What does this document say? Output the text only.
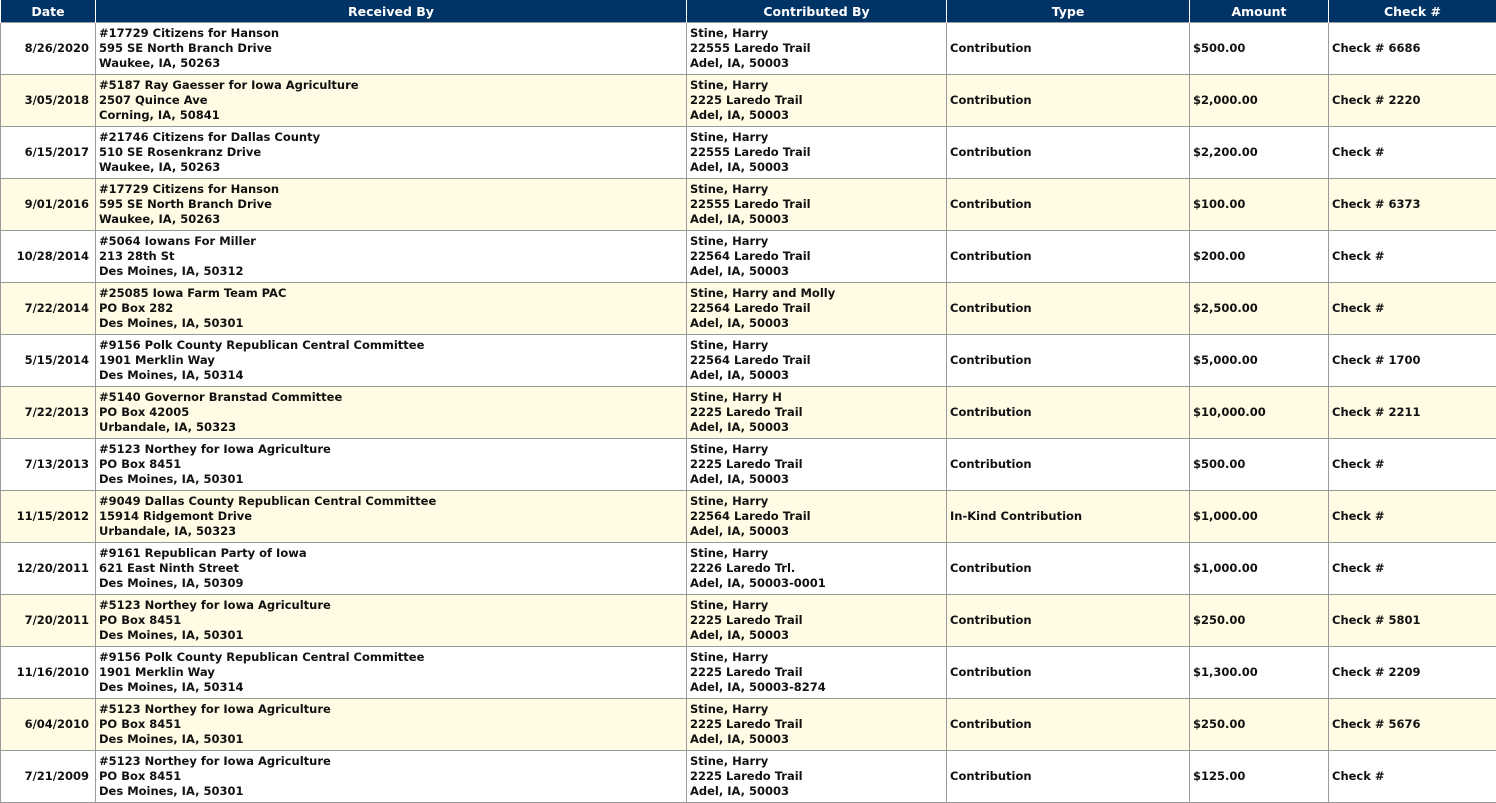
Date	Received By	Contributed By	Type	Amount	Check #
8/26/2020	#17729 Citizens for Hanson
595 SE North Branch Drive
Waukee, IA, 50263	Stine, Harry
22555 Laredo Trail
Adel, IA, 50003	Contribution	$500.00	Check # 6686
3/05/2018	#5187 Ray Gaesser for Iowa Agriculture
2507 Quince Ave
Corning, IA, 50841	Stine, Harry
2225 Laredo Trail
Adel, IA, 50003	Contribution	$2,000.00	Check # 2220
6/15/2017	#21746 Citizens for Dallas County
510 SE Rosenkranz Drive
Waukee, IA, 50263	Stine, Harry
22555 Laredo Trail
Adel, IA, 50003	Contribution	$2,200.00	Check #
9/01/2016	#17729 Citizens for Hanson
595 SE North Branch Drive
Waukee, IA, 50263	Stine, Harry
22555 Laredo Trail
Adel, IA, 50003	Contribution	$100.00	Check # 6373
10/28/2014	#5064 Iowans For Miller
213 28th St
Des Moines, IA, 50312	Stine, Harry
22564 Laredo Trail
Adel, IA, 50003	Contribution	$200.00	Check #
7/22/2014	#25085 Iowa Farm Team PAC
PO Box 282
Des Moines, IA, 50301	Stine, Harry and Molly
22564 Laredo Trail
Adel, IA, 50003	Contribution	$2,500.00	Check #
5/15/2014	#9156 Polk County Republican Central Committee
1901 Merklin Way
Des Moines, IA, 50314	Stine, Harry
22564 Laredo Trail
Adel, IA, 50003	Contribution	$5,000.00	Check # 1700
7/22/2013	#5140 Governor Branstad Committee
PO Box 42005
Urbandale, IA, 50323	Stine, Harry H
2225 Laredo Trail
Adel, IA, 50003	Contribution	$10,000.00	Check # 2211
7/13/2013	#5123 Northey for Iowa Agriculture
PO Box 8451
Des Moines, IA, 50301	Stine, Harry
2225 Laredo Trail
Adel, IA, 50003	Contribution	$500.00	Check #
11/15/2012	#9049 Dallas County Republican Central Committee
15914 Ridgemont Drive
Urbandale, IA, 50323	Stine, Harry
22564 Laredo Trail
Adel, IA, 50003	In-Kind Contribution	$1,000.00	Check #
12/20/2011	#9161 Republican Party of Iowa
621 East Ninth Street
Des Moines, IA, 50309	Stine, Harry
2226 Laredo Trl.
Adel, IA, 50003-0001	Contribution	$1,000.00	Check #
7/20/2011	#5123 Northey for Iowa Agriculture
PO Box 8451
Des Moines, IA, 50301	Stine, Harry
2225 Laredo Trail
Adel, IA, 50003	Contribution	$250.00	Check # 5801
11/16/2010	#9156 Polk County Republican Central Committee
1901 Merklin Way
Des Moines, IA, 50314	Stine, Harry
2225 Laredo Trail
Adel, IA, 50003-8274	Contribution	$1,300.00	Check # 2209
6/04/2010	#5123 Northey for Iowa Agriculture
PO Box 8451
Des Moines, IA, 50301	Stine, Harry
2225 Laredo Trail
Adel, IA, 50003	Contribution	$250.00	Check # 5676
7/21/2009	#5123 Northey for Iowa Agriculture
PO Box 8451
Des Moines, IA, 50301	Stine, Harry
2225 Laredo Trail
Adel, IA, 50003	Contribution	$125.00	Check #
